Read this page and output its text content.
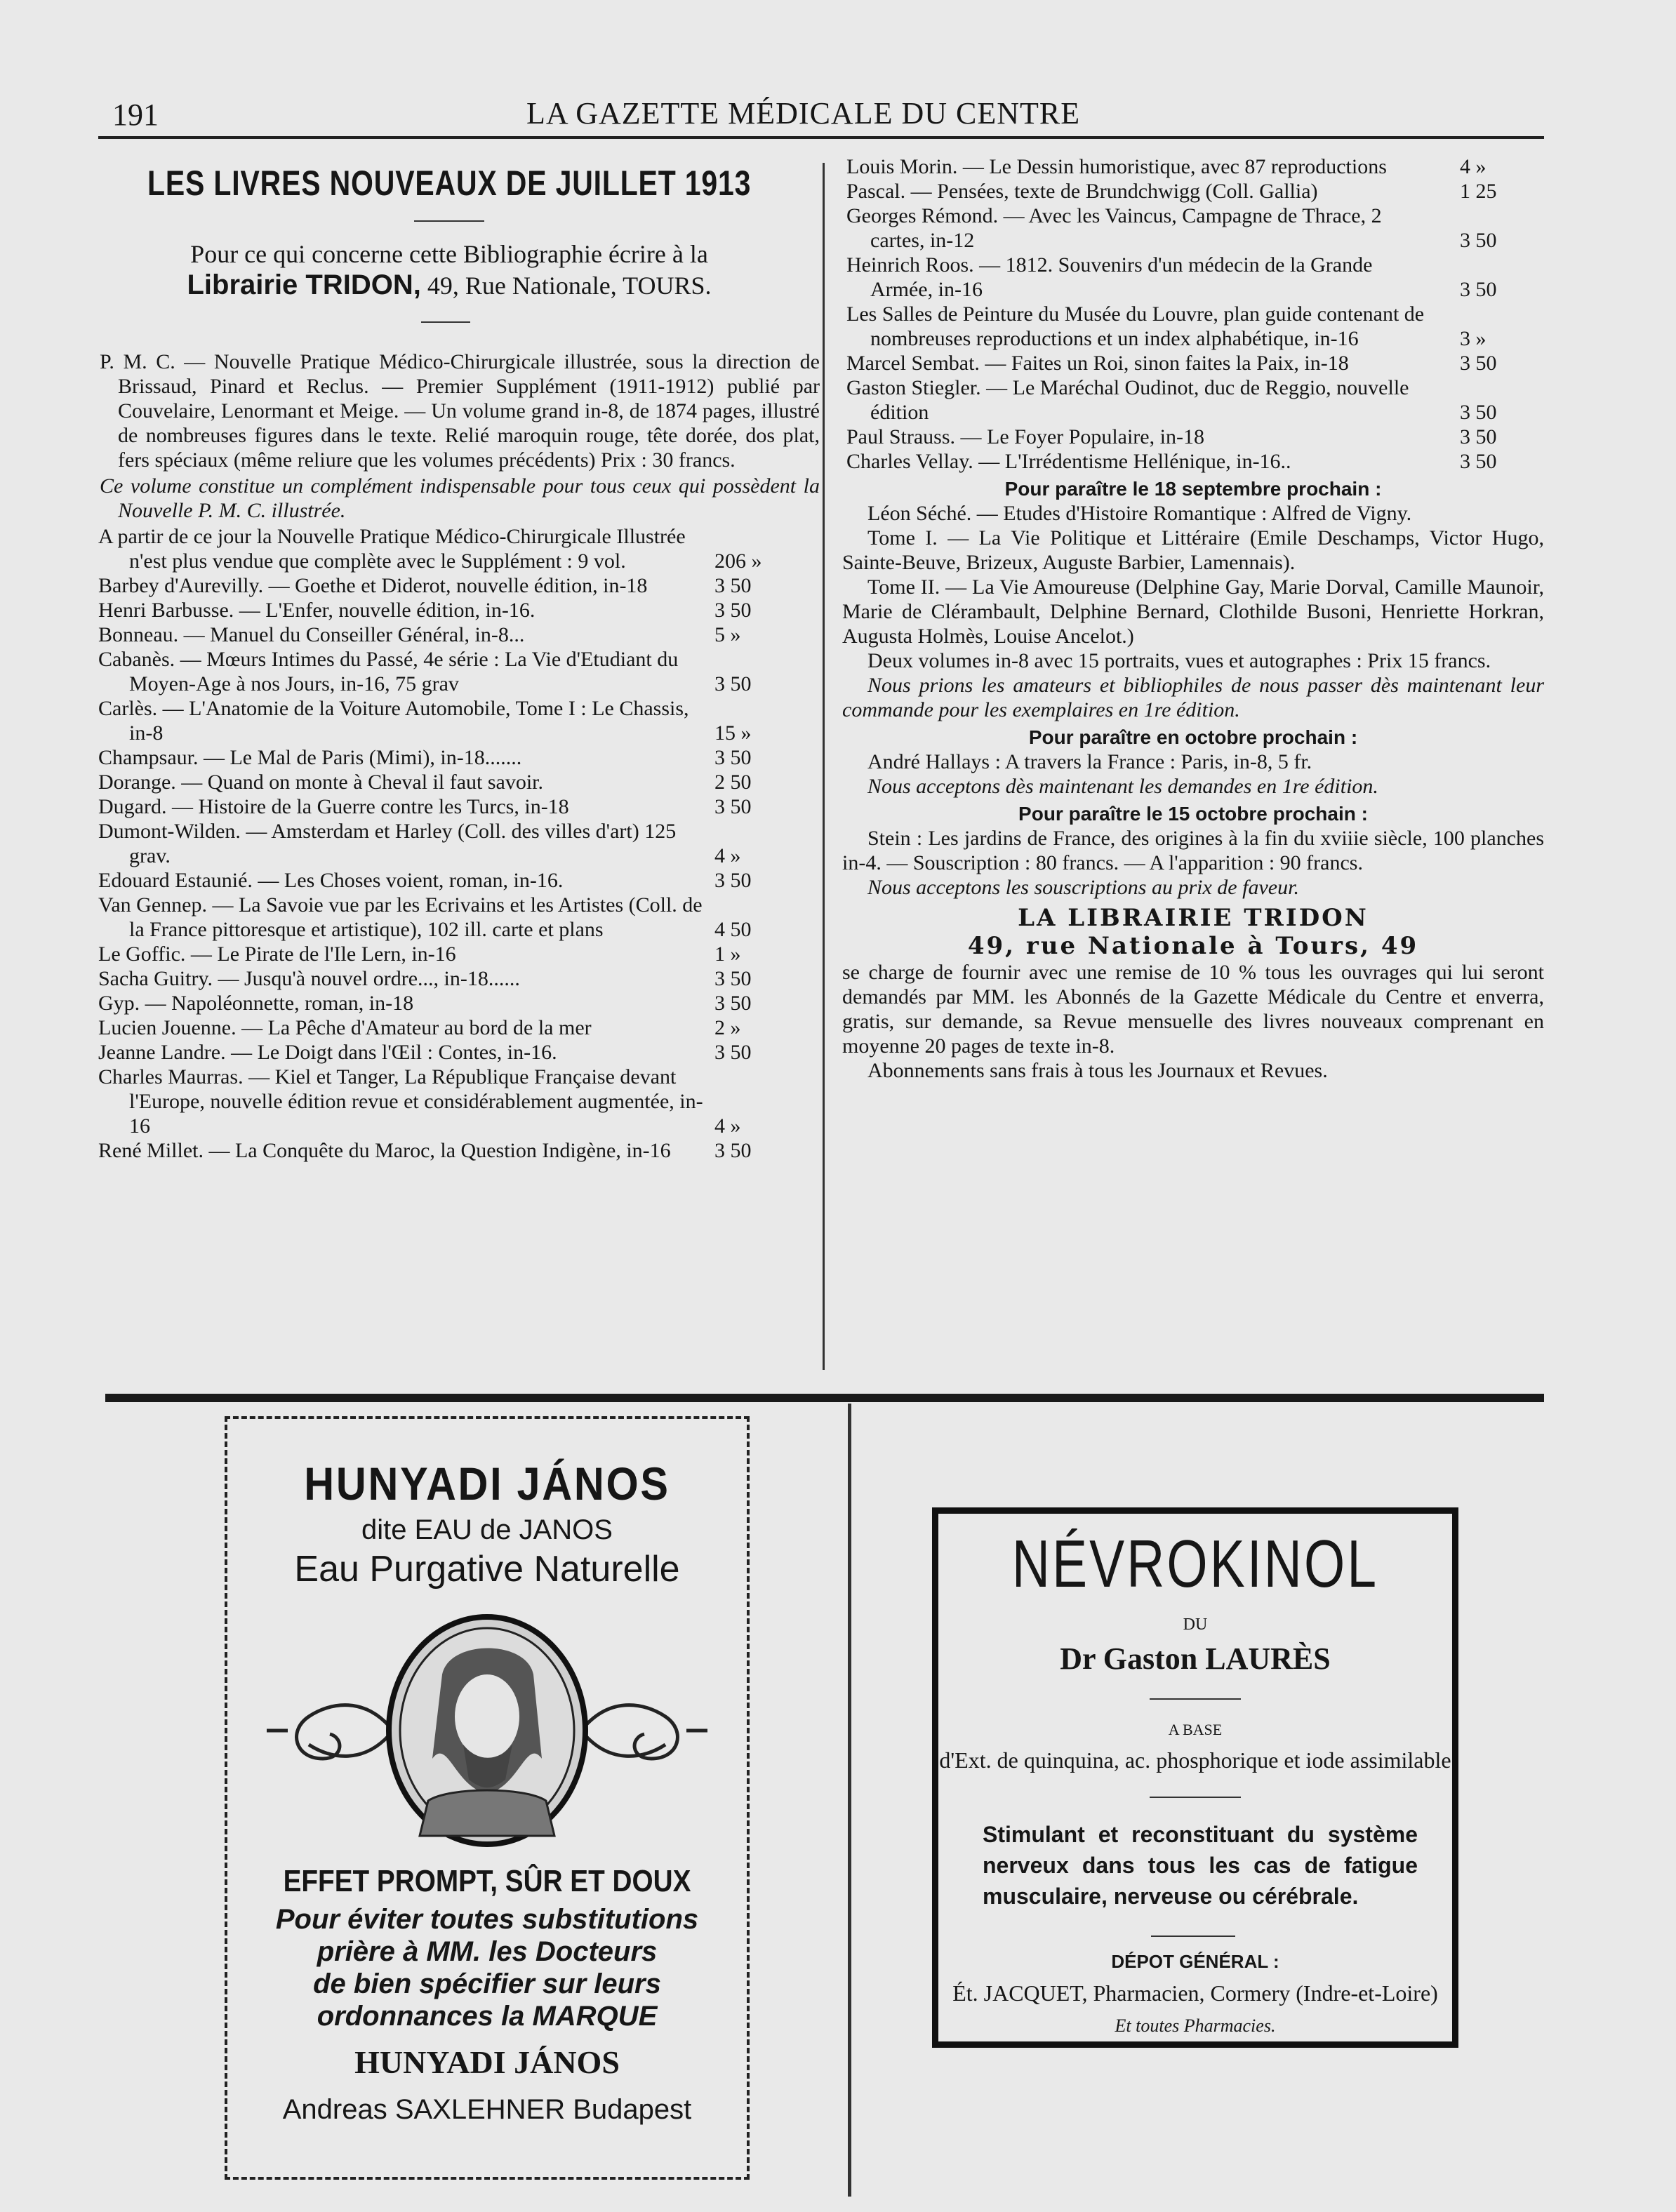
191	LA GAZETTE MÉDICALE DU CENTRE
LES LIVRES NOUVEAUX DE JUILLET 1913
Pour ce qui concerne cette Bibliographie écrire à la
Librairie TRIDON, 49, Rue Nationale, TOURS.
P. M. C. — Nouvelle Pratique Médico-Chirurgicale illustrée, sous la direction de Brissaud, Pinard et Reclus. — Premier Supplément (1911-1912) publié par Couvelaire, Lenormant et Meige. — Un volume grand in-8, de 1874 pages, illustré de nombreuses figures dans le texte. Relié maroquin rouge, tête dorée, dos plat, fers spéciaux (même reliure que les volumes précédents) Prix : 30 francs.
Ce volume constitue un complément indispensable pour tous ceux qui possèdent la Nouvelle P. M. C. illustrée.
A partir de ce jour la Nouvelle Pratique Médico-Chirurgicale Illustrée n'est plus vendue que complète avec le Supplément : 9 vol.	206 »
Barbey d'Aurevilly. — Goethe et Diderot, nouvelle édition, in-18	3 50
Henri Barbusse. — L'Enfer, nouvelle édition, in-16.	3 50
Bonneau. — Manuel du Conseiller Général, in-8...	5 »
Cabanès. — Mœurs Intimes du Passé, 4e série : La Vie d'Etudiant du Moyen-Age à nos Jours, in-16, 75 grav	3 50
Carlès. — L'Anatomie de la Voiture Automobile, Tome I : Le Chassis, in-8	15 »
Champsaur. — Le Mal de Paris (Mimi), in-18.......	3 50
Dorange. — Quand on monte à Cheval il faut savoir.	2 50
Dugard. — Histoire de la Guerre contre les Turcs, in-18	3 50
Dumont-Wilden. — Amsterdam et Harley (Coll. des villes d'art) 125 grav.	4 »
Edouard Estaunié. — Les Choses voient, roman, in-16.	3 50
Van Gennep. — La Savoie vue par les Ecrivains et les Artistes (Coll. de la France pittoresque et artistique), 102 ill. carte et plans	4 50
Le Goffic. — Le Pirate de l'Ile Lern, in-16	1 »
Sacha Guitry. — Jusqu'à nouvel ordre..., in-18......	3 50
Gyp. — Napoléonnette, roman, in-18	3 50
Lucien Jouenne. — La Pêche d'Amateur au bord de la mer	2 »
Jeanne Landre. — Le Doigt dans l'Œil : Contes, in-16.	3 50
Charles Maurras. — Kiel et Tanger, La République Française devant l'Europe, nouvelle édition revue et considérablement augmentée, in-16	4 »
René Millet. — La Conquête du Maroc, la Question Indigène, in-16	3 50
Louis Morin. — Le Dessin humoristique, avec 87 reproductions	4 »
Pascal. — Pensées, texte de Brundchwigg (Coll. Gallia)	1 25
Georges Rémond. — Avec les Vaincus, Campagne de Thrace, 2 cartes, in-12	3 50
Heinrich Roos. — 1812. Souvenirs d'un médecin de la Grande Armée, in-16	3 50
Les Salles de Peinture du Musée du Louvre, plan guide contenant de nombreuses reproductions et un index alphabétique, in-16	3 »
Marcel Sembat. — Faites un Roi, sinon faites la Paix, in-18	3 50
Gaston Stiegler. — Le Maréchal Oudinot, duc de Reggio, nouvelle édition	3 50
Paul Strauss. — Le Foyer Populaire, in-18	3 50
Charles Vellay. — L'Irrédentisme Hellénique, in-16..	3 50
Pour paraître le 18 septembre prochain :
Léon Séché. — Etudes d'Histoire Romantique : Alfred de Vigny.
Tome I. — La Vie Politique et Littéraire (Emile Deschamps, Victor Hugo, Sainte-Beuve, Brizeux, Auguste Barbier, Lamennais).
Tome II. — La Vie Amoureuse (Delphine Gay, Marie Dorval, Camille Maunoir, Marie de Clérambault, Delphine Bernard, Clothilde Busoni, Henriette Horkran, Augusta Holmès, Louise Ancelot.)
Deux volumes in-8 avec 15 portraits, vues et autographes : Prix 15 francs.
Nous prions les amateurs et bibliophiles de nous passer dès maintenant leur commande pour les exemplaires en 1re édition.
Pour paraître en octobre prochain :
André Hallays : A travers la France : Paris, in-8, 5 fr.
Nous acceptons dès maintenant les demandes en 1re édition.
Pour paraître le 15 octobre prochain :
Stein : Les jardins de France, des origines à la fin du xviiie siècle, 100 planches in-4. — Souscription : 80 francs. — A l'apparition : 90 francs.
Nous acceptons les souscriptions au prix de faveur.
LA LIBRAIRIE TRIDON
49, rue Nationale à Tours, 49
se charge de fournir avec une remise de 10 % tous les ouvrages qui lui seront demandés par MM. les Abonnés de la Gazette Médicale du Centre et enverra, gratis, sur demande, sa Revue mensuelle des livres nouveaux comprenant en moyenne 20 pages de texte in-8.
Abonnements sans frais à tous les Journaux et Revues.
HUNYADI JÁNOS
dite EAU de JANOS
Eau Purgative Naturelle
EFFET PROMPT, SÛR ET DOUX
Pour éviter toutes substitutions
prière à MM. les Docteurs
de bien spécifier sur leurs
ordonnances la MARQUE
HUNYADI JÁNOS
Andreas SAXLEHNER Budapest
NÉVROKINOL
DU
Dr Gaston LAURÈS
A BASE
d'Ext. de quinquina, ac. phosphorique et iode assimilable
Stimulant et reconstituant du système nerveux dans tous les cas de fatigue musculaire, nerveuse ou cérébrale.
DÉPOT GÉNÉRAL :
Ét. JACQUET, Pharmacien, Cormery (Indre-et-Loire)
Et toutes Pharmacies.
